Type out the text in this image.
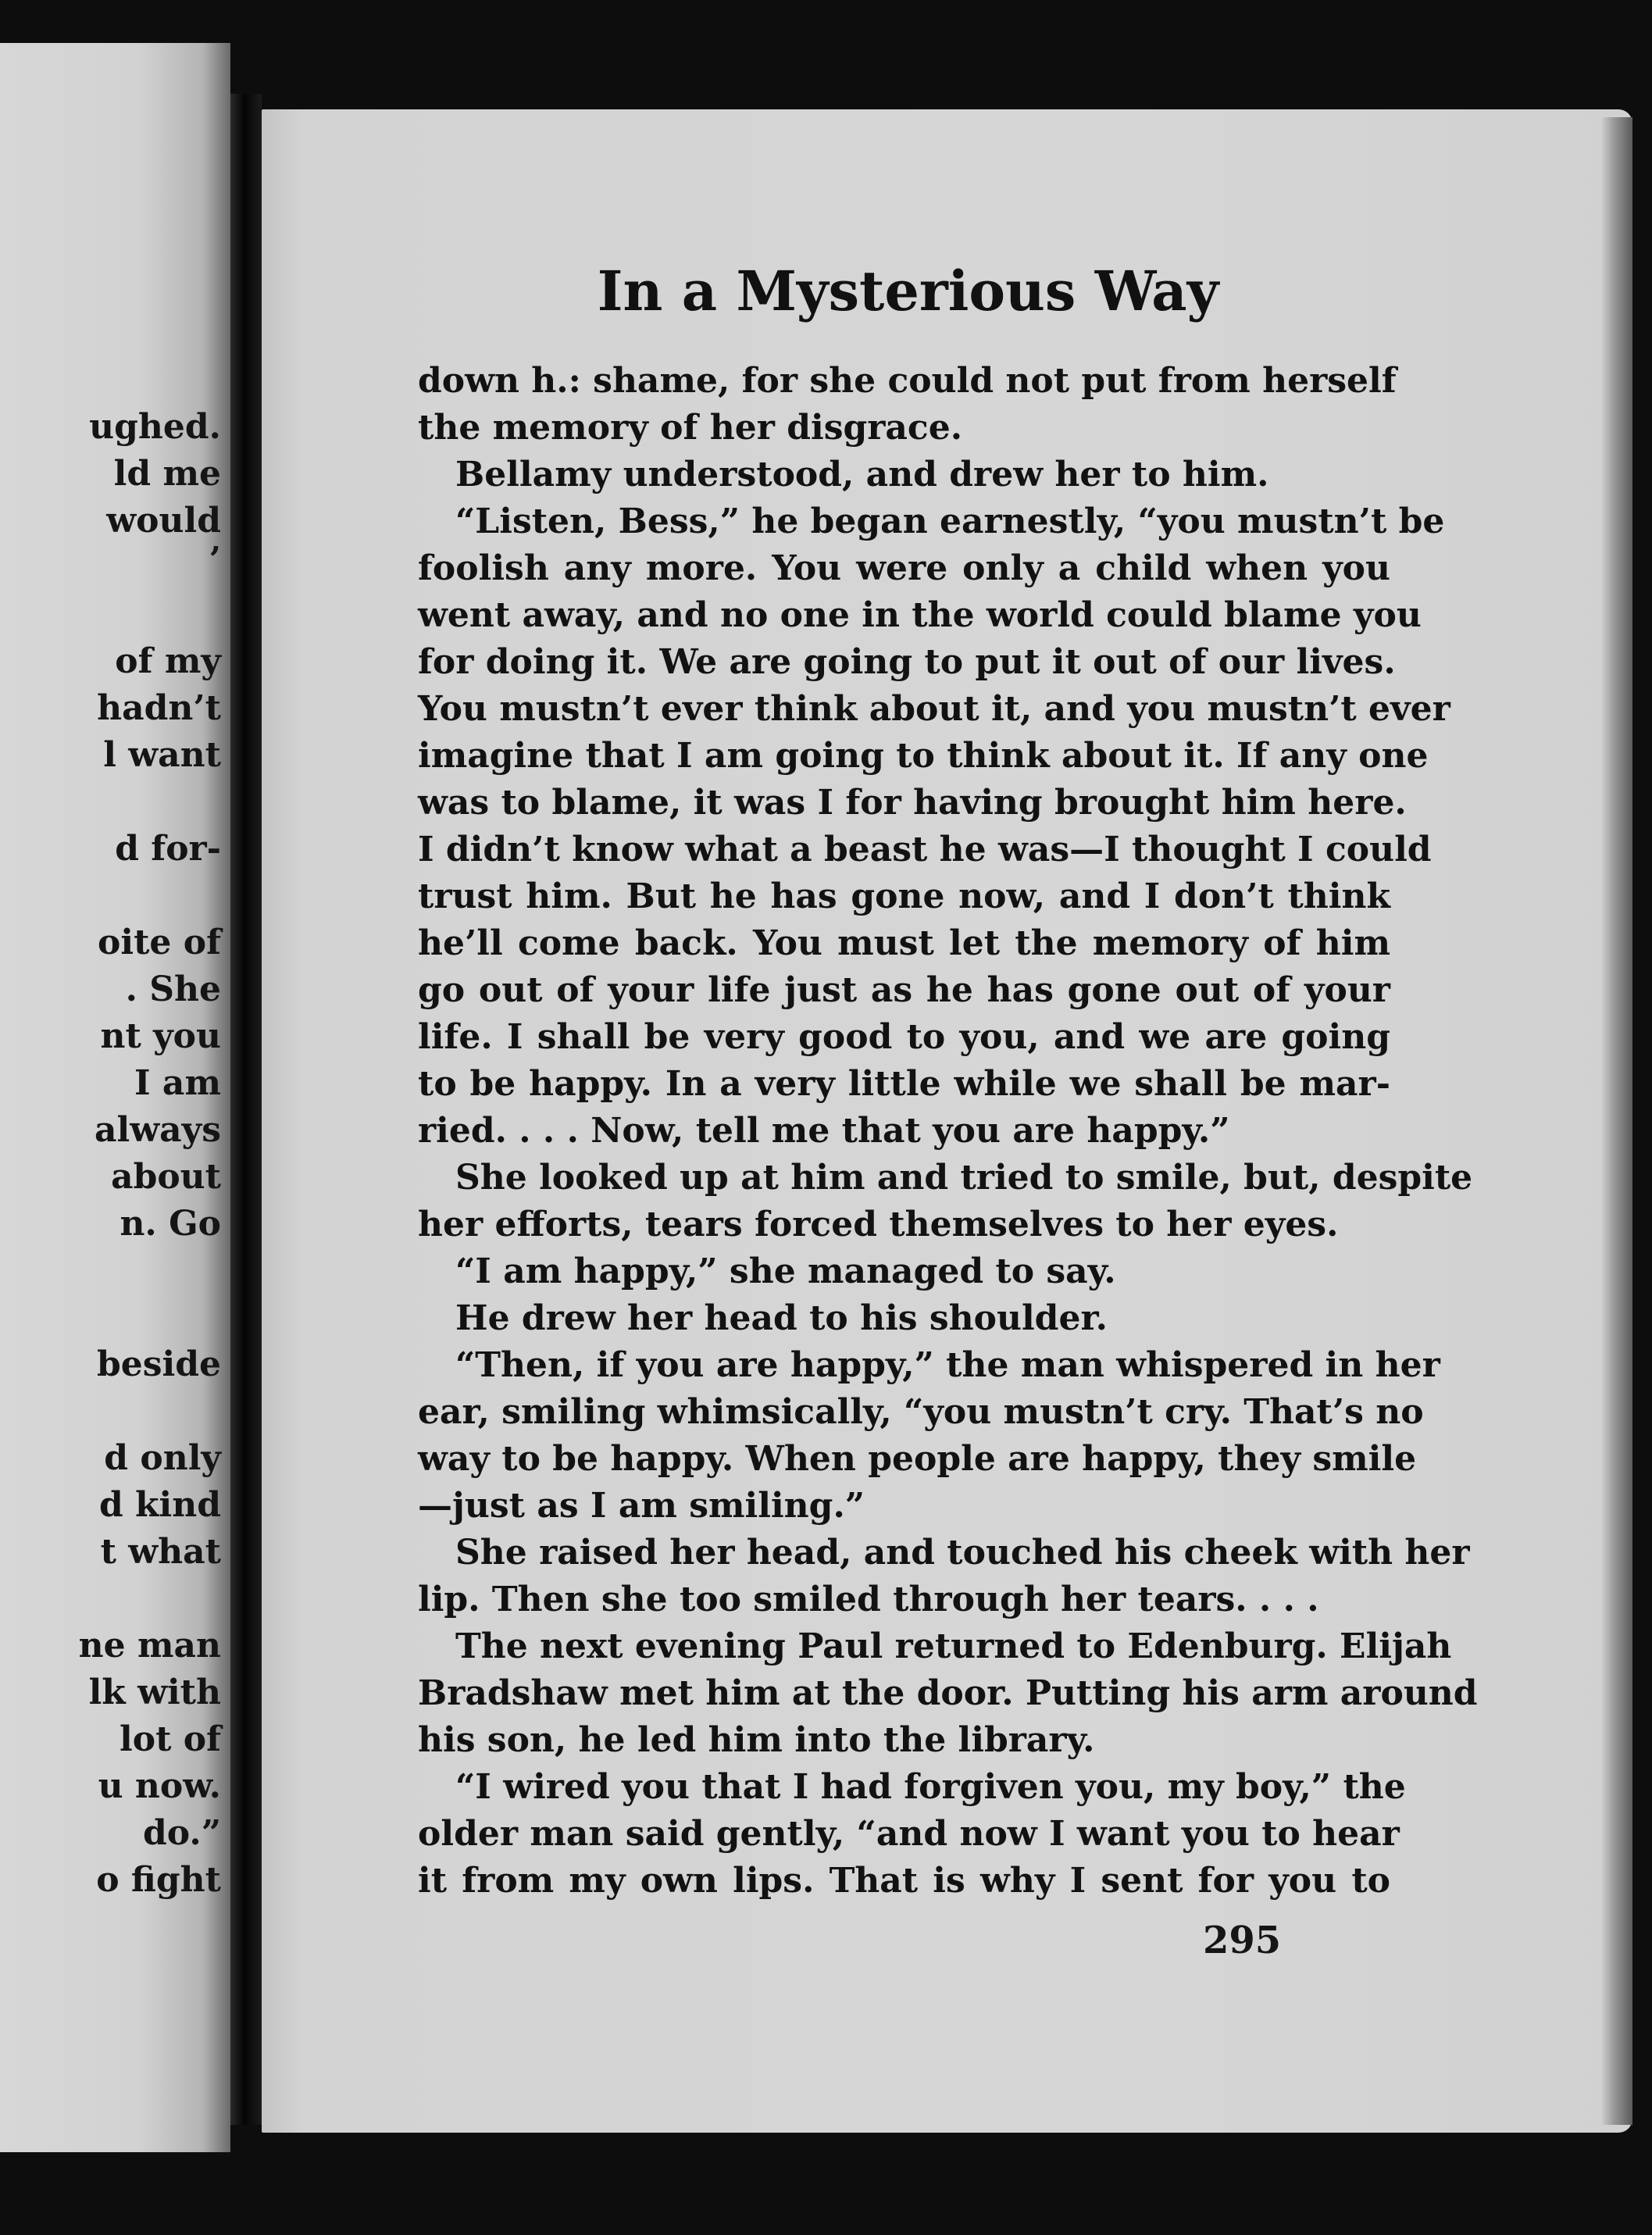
ughed.
ld me
would
’
of my
hadn’t
l want
d for-
oite of
. She
nt you
I am
always
about
n. Go
beside
d only
d kind
t what
ne man
lk with
lot of
u now.
do.”
o fight
In a Mysterious Way
down h.: shame, for she could not put from herself
the memory of her disgrace.
Bellamy understood, and drew her to him.
“Listen, Bess,” he began earnestly, “you mustn’t be
foolish any more. You were only a child when you
went away, and no one in the world could blame you
for doing it. We are going to put it out of our lives.
You mustn’t ever think about it, and you mustn’t ever
imagine that I am going to think about it. If any one
was to blame, it was I for having brought him here.
I didn’t know what a beast he was—I thought I could
trust him. But he has gone now, and I don’t think
he’ll come back. You must let the memory of him
go out of your life just as he has gone out of your
life. I shall be very good to you, and we are going
to be happy. In a very little while we shall be mar-
ried. . . . Now, tell me that you are happy.”
She looked up at him and tried to smile, but, despite
her efforts, tears forced themselves to her eyes.
“I am happy,” she managed to say.
He drew her head to his shoulder.
“Then, if you are happy,” the man whispered in her
ear, smiling whimsically, “you mustn’t cry. That’s no
way to be happy. When people are happy, they smile
—just as I am smiling.”
She raised her head, and touched his cheek with her
lip. Then she too smiled through her tears. . . .
The next evening Paul returned to Edenburg. Elijah
Bradshaw met him at the door. Putting his arm around
his son, he led him into the library.
“I wired you that I had forgiven you, my boy,” the
older man said gently, “and now I want you to hear
it from my own lips. That is why I sent for you to
295
